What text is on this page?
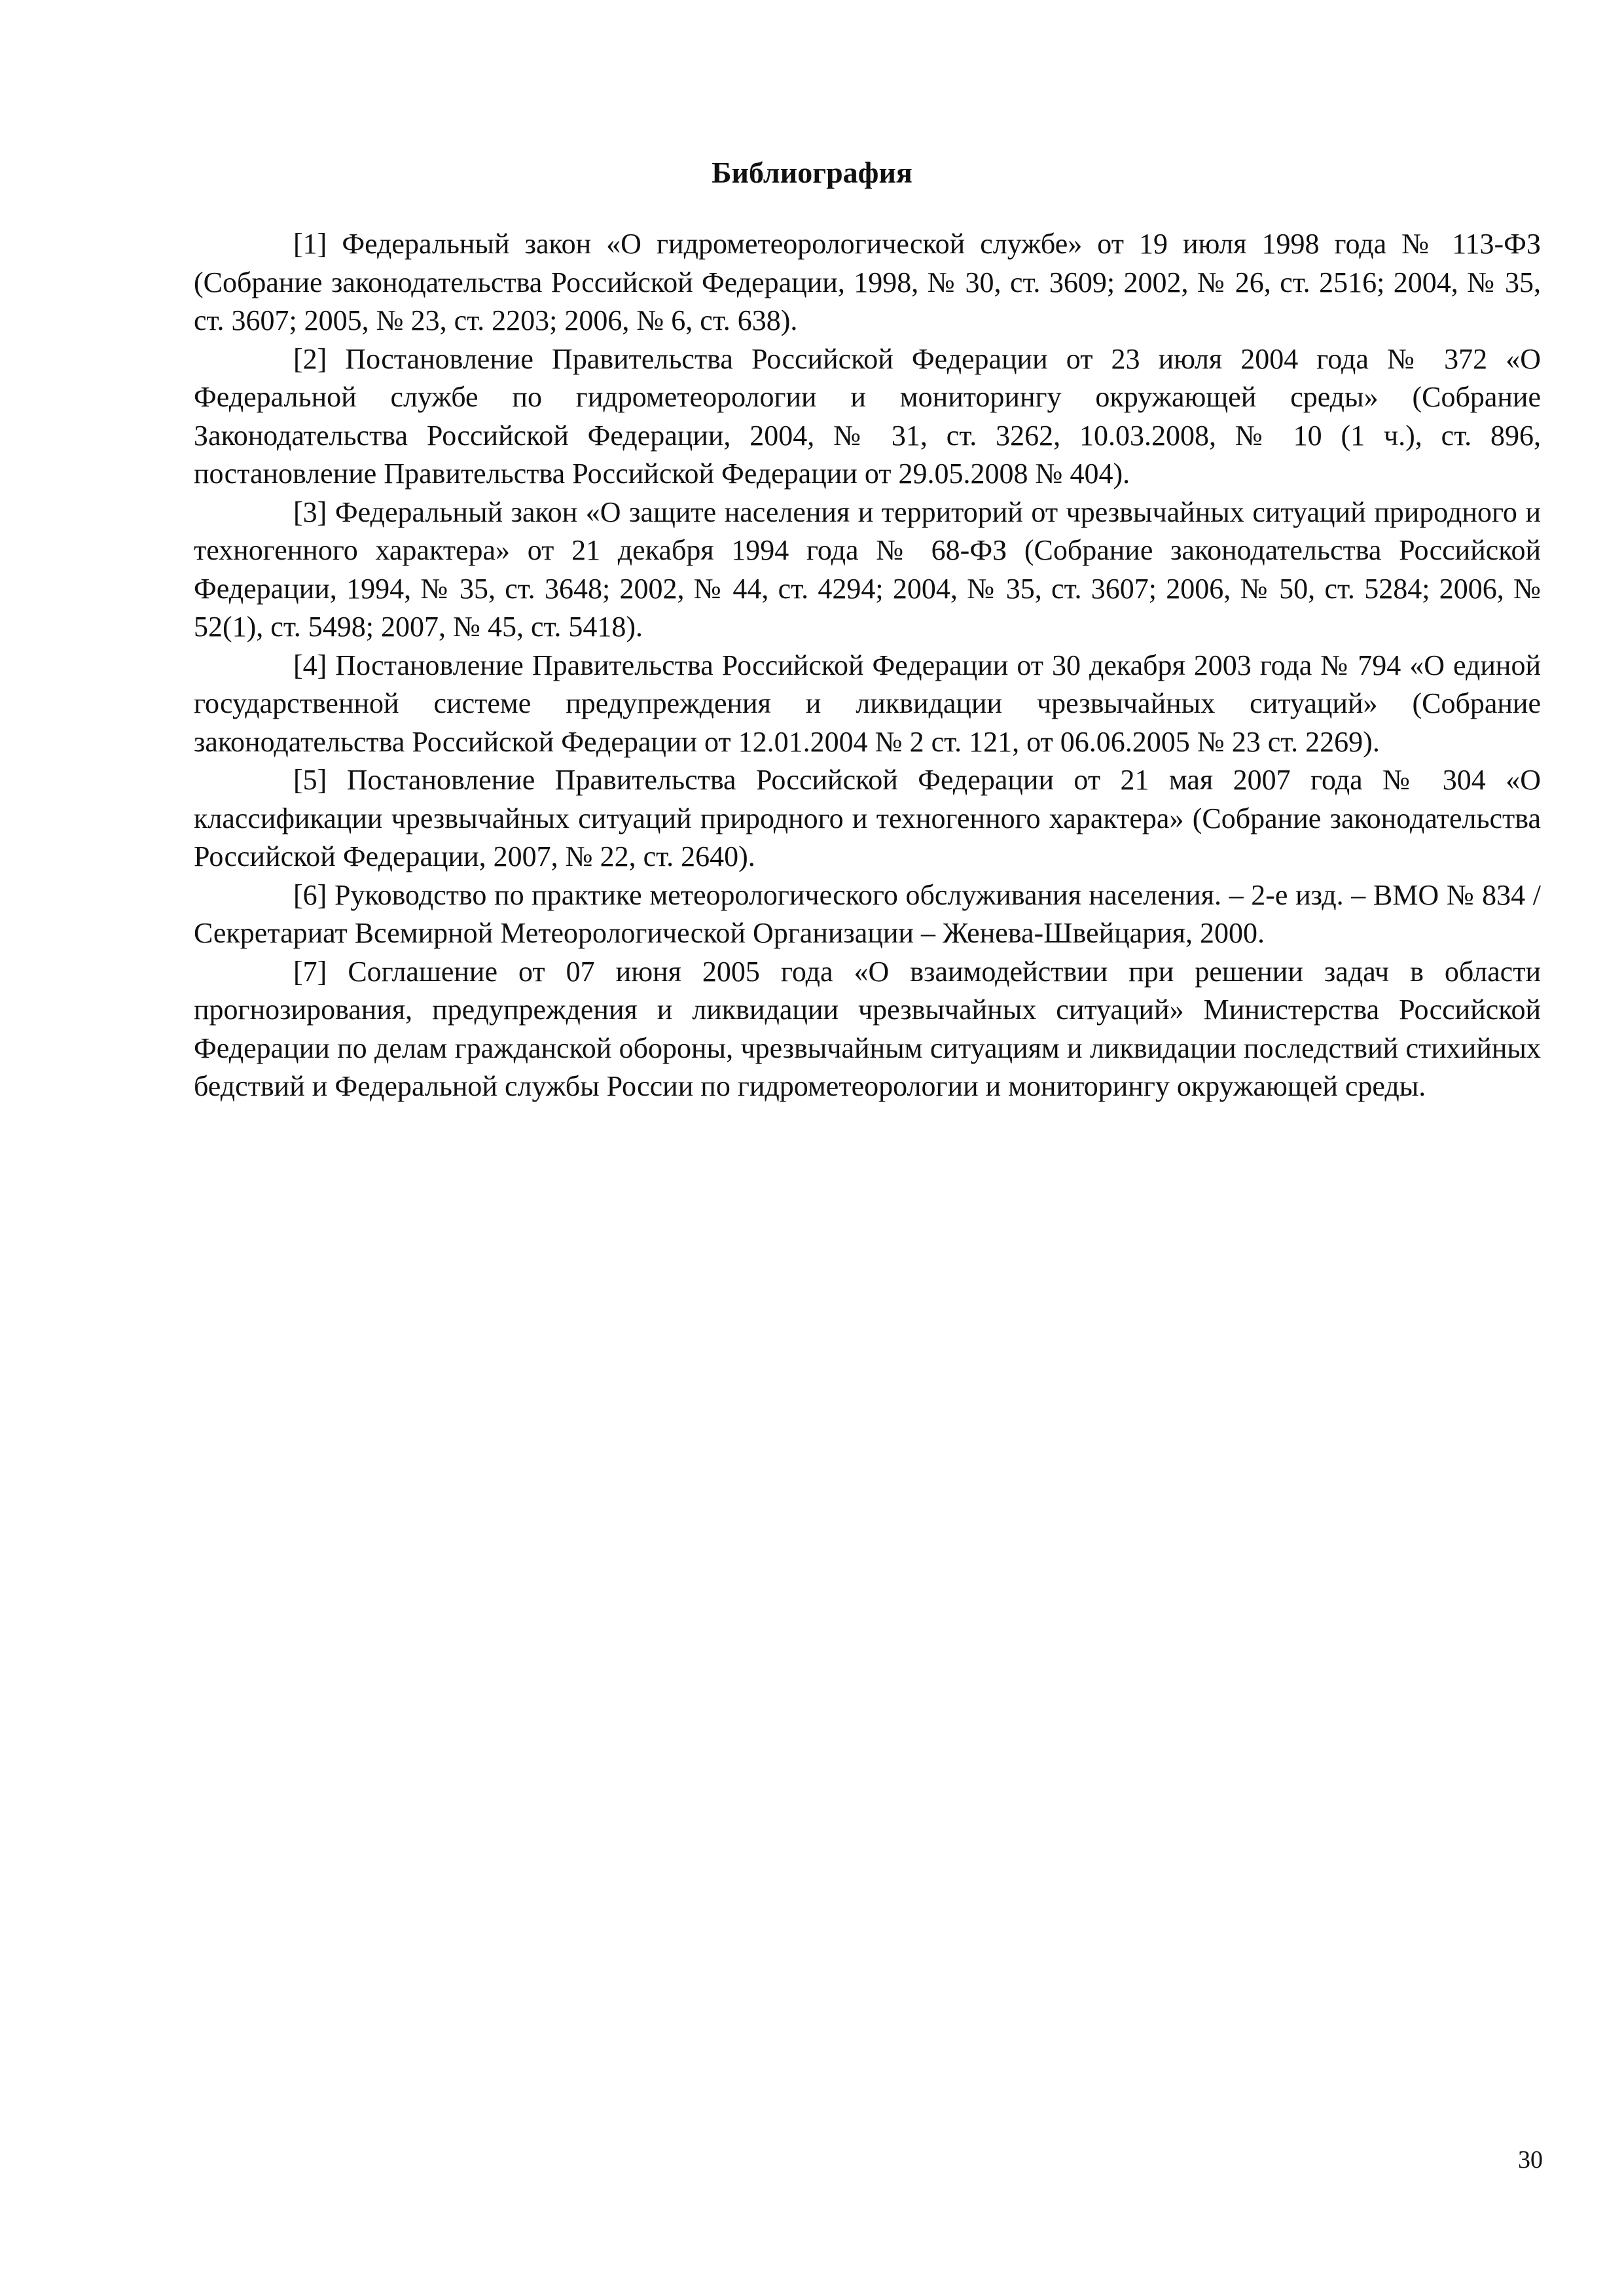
Библиография

[1] Федеральный закон «О гидрометеорологической службе» от 19 июля 1998 года № 113-ФЗ (Собрание законодательства Российской Федерации, 1998, № 30, ст. 3609; 2002, № 26, ст. 2516; 2004, № 35, ст. 3607; 2005, № 23, ст. 2203; 2006, № 6, ст. 638).

[2] Постановление Правительства Российской Федерации от 23 июля 2004 года № 372 «О Федеральной службе по гидрометеорологии и мониторингу окружающей среды» (Собрание Законодательства Российской Федерации, 2004, № 31, ст. 3262, 10.03.2008, № 10 (1 ч.), ст. 896, постановление Правительства Российской Федерации от 29.05.2008 № 404).

[3] Федеральный закон «О защите населения и территорий от чрезвычайных ситуаций природного и техногенного характера» от 21 декабря 1994 года № 68-ФЗ (Собрание законодательства Российской Федерации, 1994, № 35, ст. 3648; 2002, № 44, ст. 4294; 2004, № 35, ст. 3607; 2006, № 50, ст. 5284; 2006, № 52(1), ст. 5498; 2007, № 45, ст. 5418).

[4] Постановление Правительства Российской Федерации от 30 декабря 2003 года № 794 «О единой государственной системе предупреждения и ликвидации чрезвычайных ситуаций» (Собрание законодательства Российской Федерации от 12.01.2004 № 2 ст. 121, от 06.06.2005 № 23 ст. 2269).

[5] Постановление Правительства Российской Федерации от 21 мая 2007 года № 304 «О классификации чрезвычайных ситуаций природного и техногенного характера» (Собрание законодательства Российской Федерации, 2007, № 22, ст. 2640).

[6] Руководство по практике метеорологического обслуживания населения. – 2-е изд. – ВМО № 834 / Секретариат Всемирной Метеорологической Организации – Женева-Швейцария, 2000.

[7] Соглашение от 07 июня 2005 года «О взаимодействии при решении задач в области прогнозирования, предупреждения и ликвидации чрезвычайных ситуаций» Министерства Российской Федерации по делам гражданской обороны, чрезвычайным ситуациям и ликвидации последствий стихийных бедствий и Федеральной службы России по гидрометеорологии и мониторингу окружающей среды.

30
